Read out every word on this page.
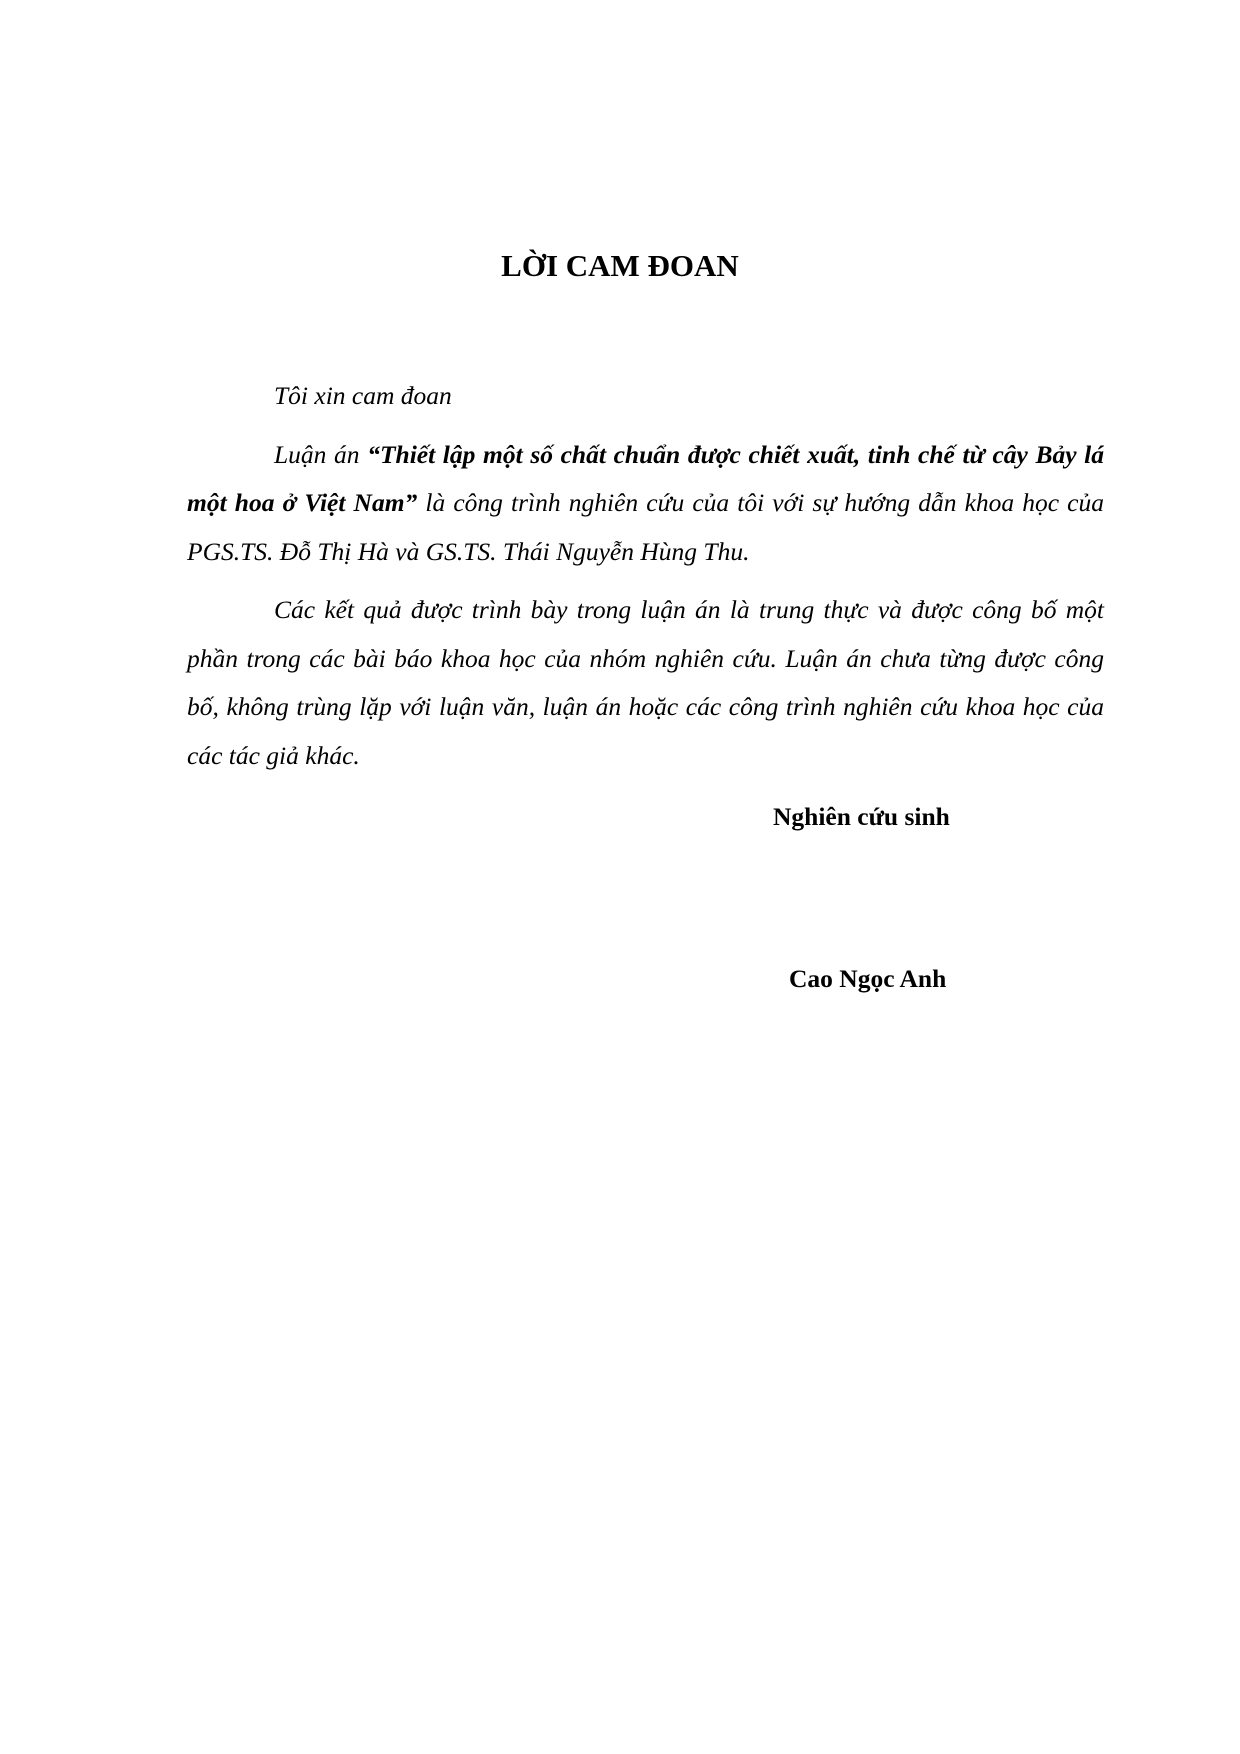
LỜI CAM ĐOAN

Tôi xin cam đoan

Luận án “Thiết lập một số chất chuẩn được chiết xuất, tinh chế từ cây Bảy lá một hoa ở Việt Nam” là công trình nghiên cứu của tôi với sự hướng dẫn khoa học của PGS.TS. Đỗ Thị Hà và GS.TS. Thái Nguyễn Hùng Thu.

Các kết quả được trình bày trong luận án là trung thực và được công bố một phần trong các bài báo khoa học của nhóm nghiên cứu. Luận án chưa từng được công bố, không trùng lặp với luận văn, luận án hoặc các công trình nghiên cứu khoa học của các tác giả khác.

Nghiên cứu sinh
Cao Ngọc Anh
